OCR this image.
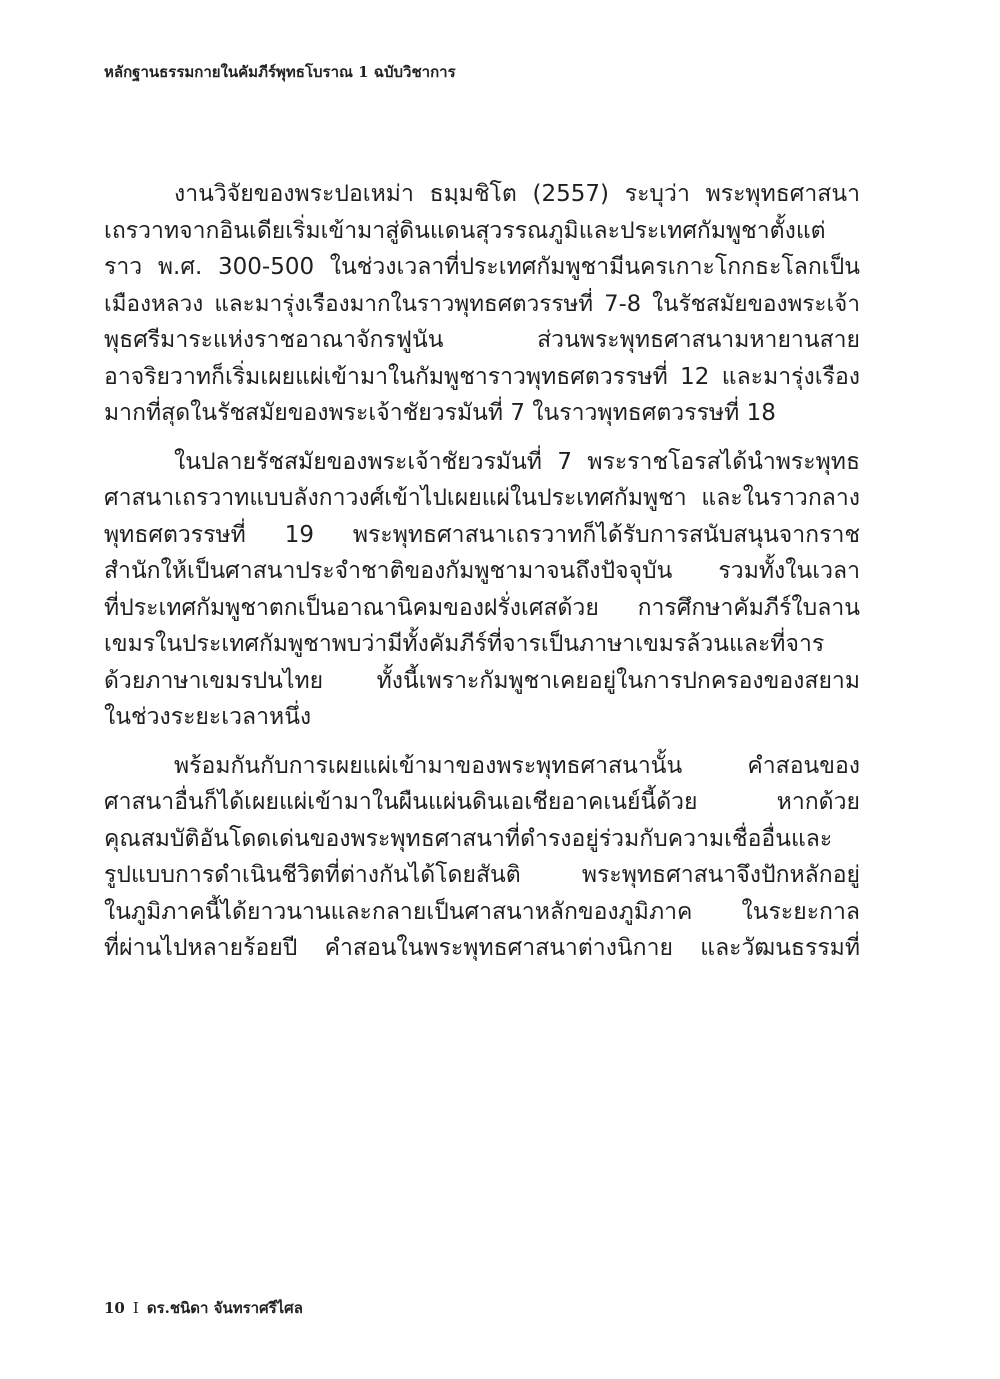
หลักฐานธรรมกายในคัมภีร์พุทธโบราณ 1 ฉบับวิชาการ
งานวิจัยของพระปอเหม่า ธมฺมชิโต (2557) ระบุว่า พระพุทธศาสนา
เถรวาทจากอินเดียเริ่มเข้ามาสู่ดินแดนสุวรรณภูมิและประเทศกัมพูชาตั้งแต่
ราว พ.ศ. 300-500 ในช่วงเวลาที่ประเทศกัมพูชามีนครเกาะโกกธะโลกเป็น
เมืองหลวง และมารุ่งเรืองมากในราวพุทธศตวรรษที่ 7-8 ในรัชสมัยของพระเจ้า
พุธศรีมาระแห่งราชอาณาจักรฟูนัน ส่วนพระพุทธศาสนามหายานสาย
อาจริยวาทก็เริ่มเผยแผ่เข้ามาในกัมพูชาราวพุทธศตวรรษที่ 12 และมารุ่งเรือง
มากที่สุดในรัชสมัยของพระเจ้าชัยวรมันที่ 7 ในราวพุทธศตวรรษที่ 18
ในปลายรัชสมัยของพระเจ้าชัยวรมันที่ 7 พระราชโอรสได้นำพระพุทธ
ศาสนาเถรวาทแบบลังกาวงศ์เข้าไปเผยแผ่ในประเทศกัมพูชา และในราวกลาง
พุทธศตวรรษที่ 19 พระพุทธศาสนาเถรวาทก็ได้รับการสนับสนุนจากราช
สำนักให้เป็นศาสนาประจำชาติของกัมพูชามาจนถึงปัจจุบัน รวมทั้งในเวลา
ที่ประเทศกัมพูชาตกเป็นอาณานิคมของฝรั่งเศสด้วย การศึกษาคัมภีร์ใบลาน
เขมรในประเทศกัมพูชาพบว่ามีทั้งคัมภีร์ที่จารเป็นภาษาเขมรล้วนและที่จาร
ด้วยภาษาเขมรปนไทย ทั้งนี้เพราะกัมพูชาเคยอยู่ในการปกครองของสยาม
ในช่วงระยะเวลาหนึ่ง
พร้อมกันกับการเผยแผ่เข้ามาของพระพุทธศาสนานั้น คำสอนของ
ศาสนาอื่นก็ได้เผยแผ่เข้ามาในผืนแผ่นดินเอเชียอาคเนย์นี้ด้วย หากด้วย
คุณสมบัติอันโดดเด่นของพระพุทธศาสนาที่ดำรงอยู่ร่วมกับความเชื่ออื่นและ
รูปแบบการดำเนินชีวิตที่ต่างกันได้โดยสันติ พระพุทธศาสนาจึงปักหลักอยู่
ในภูมิภาคนี้ได้ยาวนานและกลายเป็นศาสนาหลักของภูมิภาค ในระยะกาล
ที่ผ่านไปหลายร้อยปี คำสอนในพระพุทธศาสนาต่างนิกาย และวัฒนธรรมที่
10 I ดร.ชนิดา จันทราศรีไศล
